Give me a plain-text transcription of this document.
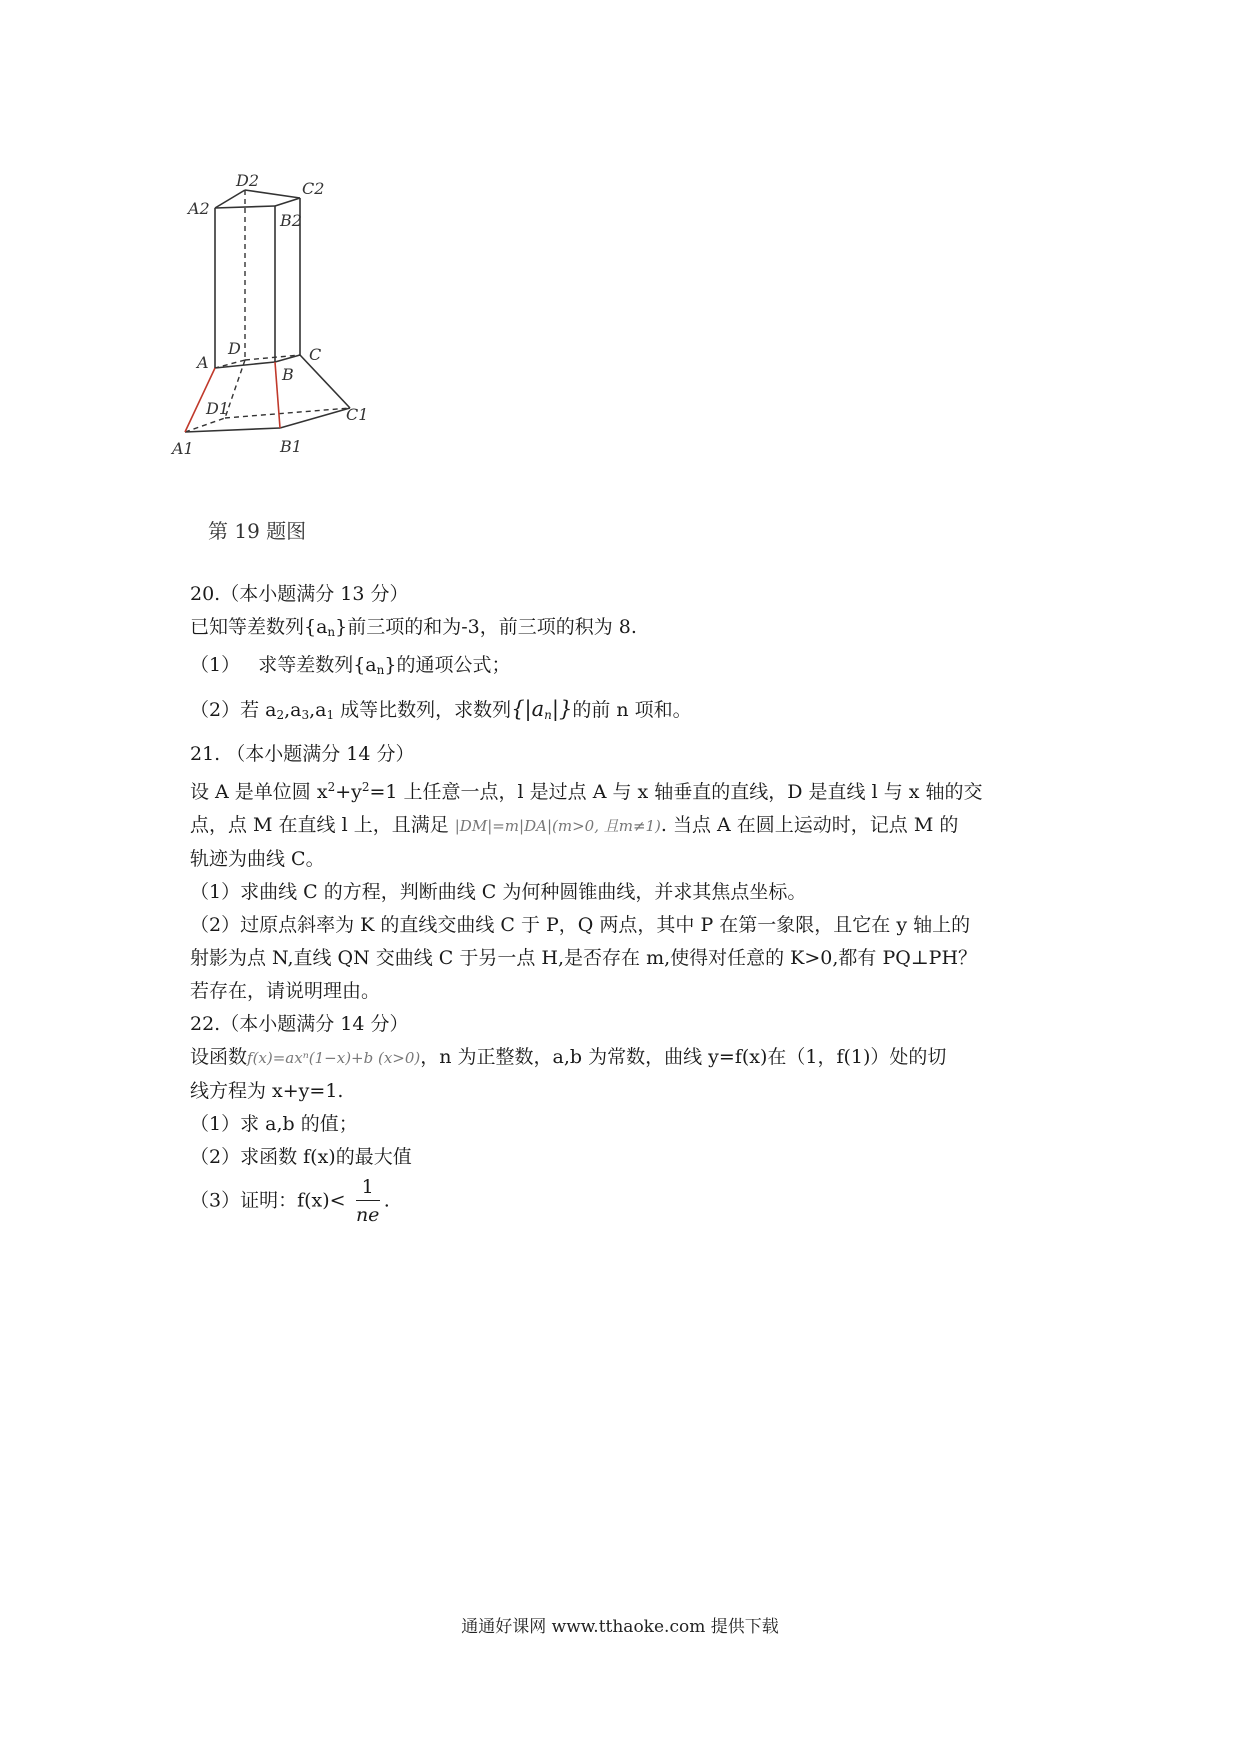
A2
D2	C2
B2
A
D	C
B
D1	C1
A1	B1
第 19 题图
20.（本小题满分 13 分）
已知等差数列$\{a_n\}$前三项的和为-3，前三项的积为 8.
（1） 求等差数列$\{a_n\}$的通项公式；
（2）若 $a_2,a_3,a_1$ 成等比数列，求数列$\{|a_n|\}$的前 n 项和。
21. （本小题满分 14 分）
设 A 是单位圆 $x^2+y^2=1$ 上任意一点，l 是过点 A 与 x 轴垂直的直线，D 是直线 l 与 x 轴的交
点，点 M 在直线 l 上，且满足 |DM|=m|DA|(m>0, 且m≠1). 当点 A 在圆上运动时，记点 M 的
轨迹为曲线 C。
（1）求曲线 C 的方程，判断曲线 C 为何种圆锥曲线，并求其焦点坐标。
（2）过原点斜率为 K 的直线交曲线 C 于 P，Q 两点，其中 P 在第一象限，且它在 y 轴上的
射影为点 N,直线 QN 交曲线 C 于另一点 H,是否存在 m,使得对任意的 K>0,都有 PQ⊥PH？
若存在，请说明理由。
22.（本小题满分 14 分）
设函数f(x)=axⁿ(1−x)+b (x>0)，n 为正整数，a,b 为常数，曲线 y=f(x)在（1，f(1)）处的切
线方程为 x+y=1.
（1）求 a,b 的值；
（2）求函数 f(x)的最大值
（3）证明：$f(x)< \frac{1}{ne}$ .
通通好课网 www.tthaoke.com 提供下载
